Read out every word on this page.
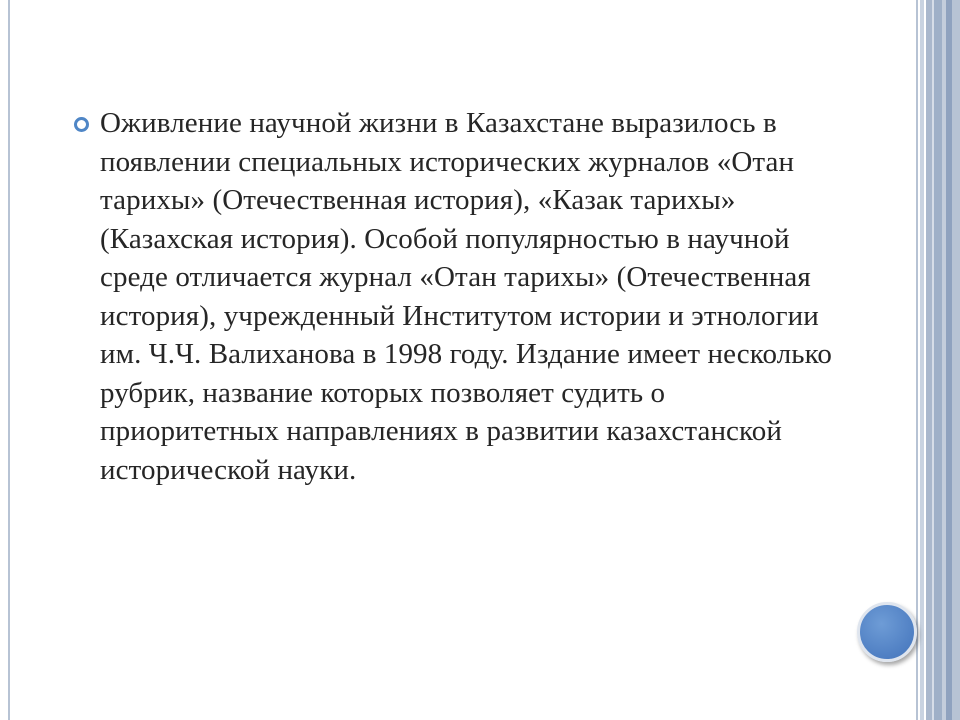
Оживление научной жизни в Казахстане выразилось в появлении специальных исторических журналов «Отан тарихы» (Отечественная история), «Казак тарихы» (Казахская история). Особой популярностью в научной среде отличается журнал «Отан тарихы» (Отечественная история), учрежденный Институтом истории и этнологии им. Ч.Ч. Валиханова в 1998 году. Издание имеет несколько рубрик, название которых позволяет судить о приоритетных направлениях в развитии казахстанской исторической науки.
